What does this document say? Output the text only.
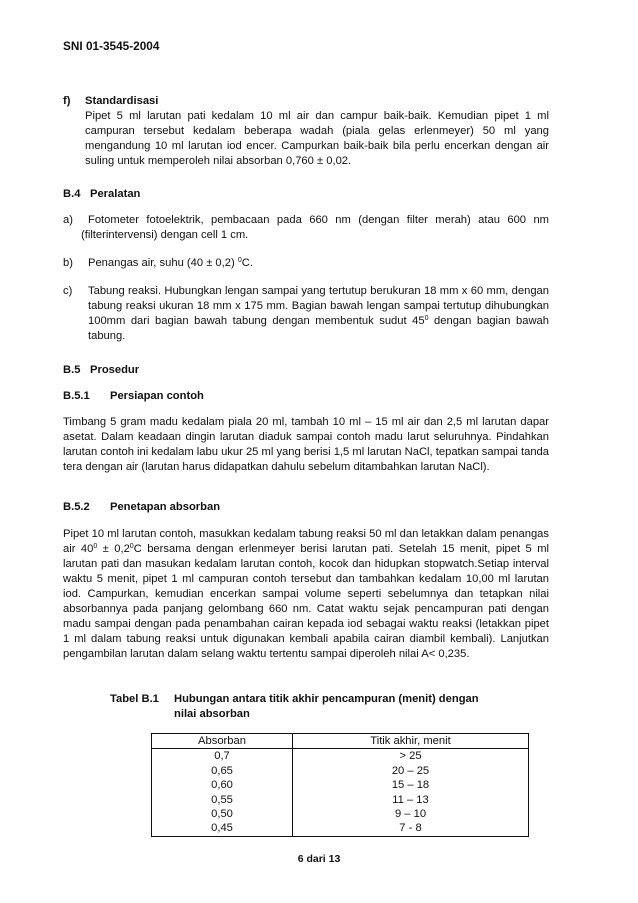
SNI 01-3545-2004
f) Standardisasi
Pipet 5 ml larutan pati kedalam 10 ml air dan campur baik-baik. Kemudian pipet 1 ml campuran tersebut kedalam beberapa wadah (piala gelas erlenmeyer) 50 ml yang mengandung 10 ml larutan iod encer. Campurkan baik-baik bila perlu encerkan dengan air suling untuk memperoleh nilai absorban 0,760 ± 0,02.
B.4 Peralatan
a) Fotometer fotoelektrik, pembacaan pada 660 nm (dengan filter merah) atau 600 nm
(filterintervensi) dengan cell 1 cm.
b) Penangas air, suhu (40 ± 0,2) $^0$C.
c) Tabung reaksi. Hubungkan lengan sampai yang tertutup berukuran 18 mm x 60 mm, dengan tabung reaksi ukuran 18 mm x 175 mm. Bagian bawah lengan sampai tertutup dihubungkan 100mm dari bagian bawah tabung dengan membentuk sudut $45^0$ dengan bagian bawah tabung.
B.5 Prosedur
B.5.1 Persiapan contoh
Timbang 5 gram madu kedalam piala 20 ml, tambah 10 ml – 15 ml air dan 2,5 ml larutan dapar asetat. Dalam keadaan dingin larutan diaduk sampai contoh madu larut seluruhnya. Pindahkan larutan contoh ini kedalam labu ukur 25 ml yang berisi 1,5 ml larutan NaCl, tepatkan sampai tanda tera dengan air (larutan harus didapatkan dahulu sebelum ditambahkan larutan NaCl).
B.5.2 Penetapan absorban
Pipet 10 ml larutan contoh, masukkan kedalam tabung reaksi 50 ml dan letakkan dalam penangas air $40^0 \pm 0,2^0C$ bersama dengan erlenmeyer berisi larutan pati. Setelah 15 menit, pipet 5 ml larutan pati dan masukan kedalam larutan contoh, kocok dan hidupkan stopwatch.Setiap interval waktu 5 menit, pipet 1 ml campuran contoh tersebut dan tambahkan kedalam 10,00 ml larutan iod. Campurkan, kemudian encerkan sampai volume seperti sebelumnya dan tetapkan nilai absorbannya pada panjang gelombang 660 nm. Catat waktu sejak pencampuran pati dengan madu sampai dengan pada penambahan cairan kepada iod sebagai waktu reaksi (letakkan pipet 1 ml dalam tabung reaksi untuk digunakan kembali apabila cairan diambil kembali). Lanjutkan pengambilan larutan dalam selang waktu tertentu sampai diperoleh nilai A< 0,235.
Tabel B.1 Hubungan antara titik akhir pencampuran (menit) dengan
nilai absorban
Absorban	Titik akhir, menit
0,7	> 25
0,65	20 – 25
0,60	15 – 18
0,55	11 – 13
0,50	9 – 10
0,45	7 - 8
6 dari 13
